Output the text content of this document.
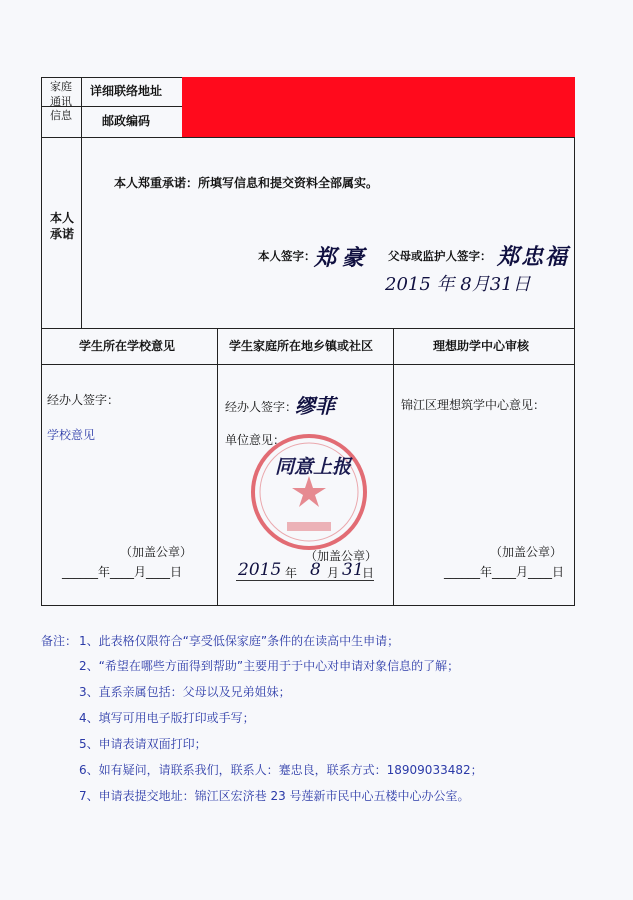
家庭
通讯
信息
详细联络地址
邮政编码
本人
承诺
本人郑重承诺：所填写信息和提交资料全部属实。
本人签字：
郑豪 父母或监护人签字： 郑忠福
2015 年 8月31日
学生所在学校意见	学生家庭所在地乡镇或社区	理想助学中心审核
经办人签字：
学校意见
（加盖公章）
______年____月____日
经办人签字：
缪菲
单位意见：
同意上报
（加盖公章）
2015 年 8 月 31
日
锦江区理想筑学中心意见：
（加盖公章）
______年____月____日
备注： 1、此表格仅限符合“享受低保家庭”条件的在读高中生申请；
2、“希望在哪些方面得到帮助”主要用于于中心对申请对象信息的了解；
3、直系亲属包括：父母以及兄弟姐妹；
4、填写可用电子版打印或手写；
5、申请表请双面打印；
6、如有疑问，请联系我们，联系人：蹇忠良，联系方式：18909033482；
7、申请表提交地址：锦江区宏济巷 23 号莲新市民中心五楼中心办公室。
